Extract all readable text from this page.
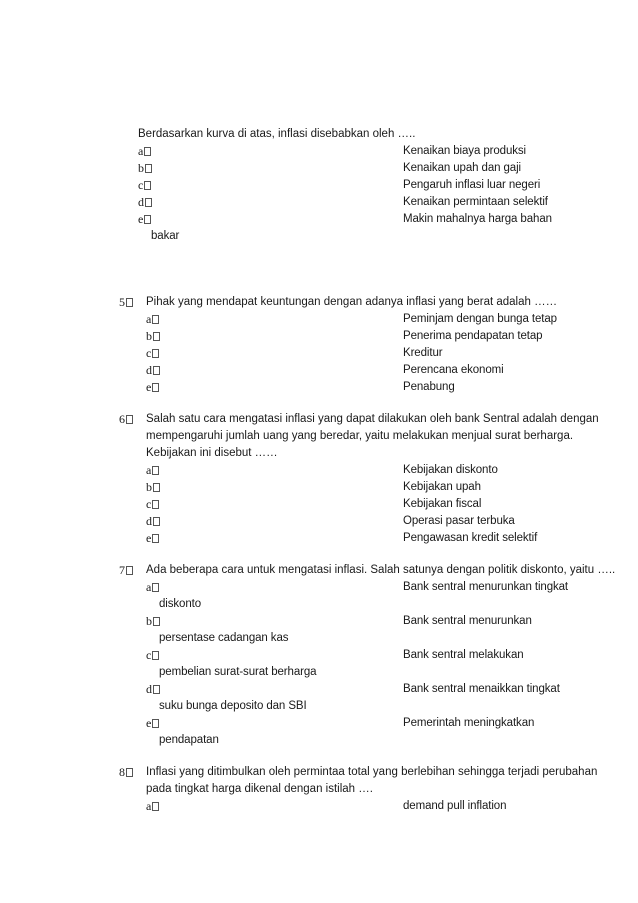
Berdasarkan kurva di atas, inflasi disebabkan oleh …..
a	Kenaikan biaya produksi
b	Kenaikan upah dan gaji
c	Pengaruh inflasi luar negeri
d	Kenaikan permintaan selektif
e	Makin mahalnya harga bahan
bakar
5	Pihak yang mendapat keuntungan dengan adanya inflasi yang berat adalah ……
a	Peminjam dengan bunga tetap
b	Penerima pendapatan tetap
c	Kreditur
d	Perencana ekonomi
e	Penabung
6	Salah satu cara mengatasi inflasi yang dapat dilakukan oleh bank Sentral adalah dengan
mempengaruhi jumlah uang yang beredar, yaitu melakukan menjual surat berharga.
Kebijakan ini disebut ……
a	Kebijakan diskonto
b	Kebijakan upah
c	Kebijakan fiscal
d	Operasi pasar terbuka
e	Pengawasan kredit selektif
7	Ada beberapa cara untuk mengatasi inflasi. Salah satunya dengan politik diskonto, yaitu …..
a	Bank sentral menurunkan tingkat
diskonto
b	Bank sentral menurunkan
persentase cadangan kas
c	Bank sentral melakukan
pembelian surat-surat berharga
d	Bank sentral menaikkan tingkat
suku bunga deposito dan SBI
e	Pemerintah meningkatkan
pendapatan
8	Inflasi yang ditimbulkan oleh permintaa total yang berlebihan sehingga terjadi perubahan
pada tingkat harga dikenal dengan istilah ….
a	demand pull inflation
